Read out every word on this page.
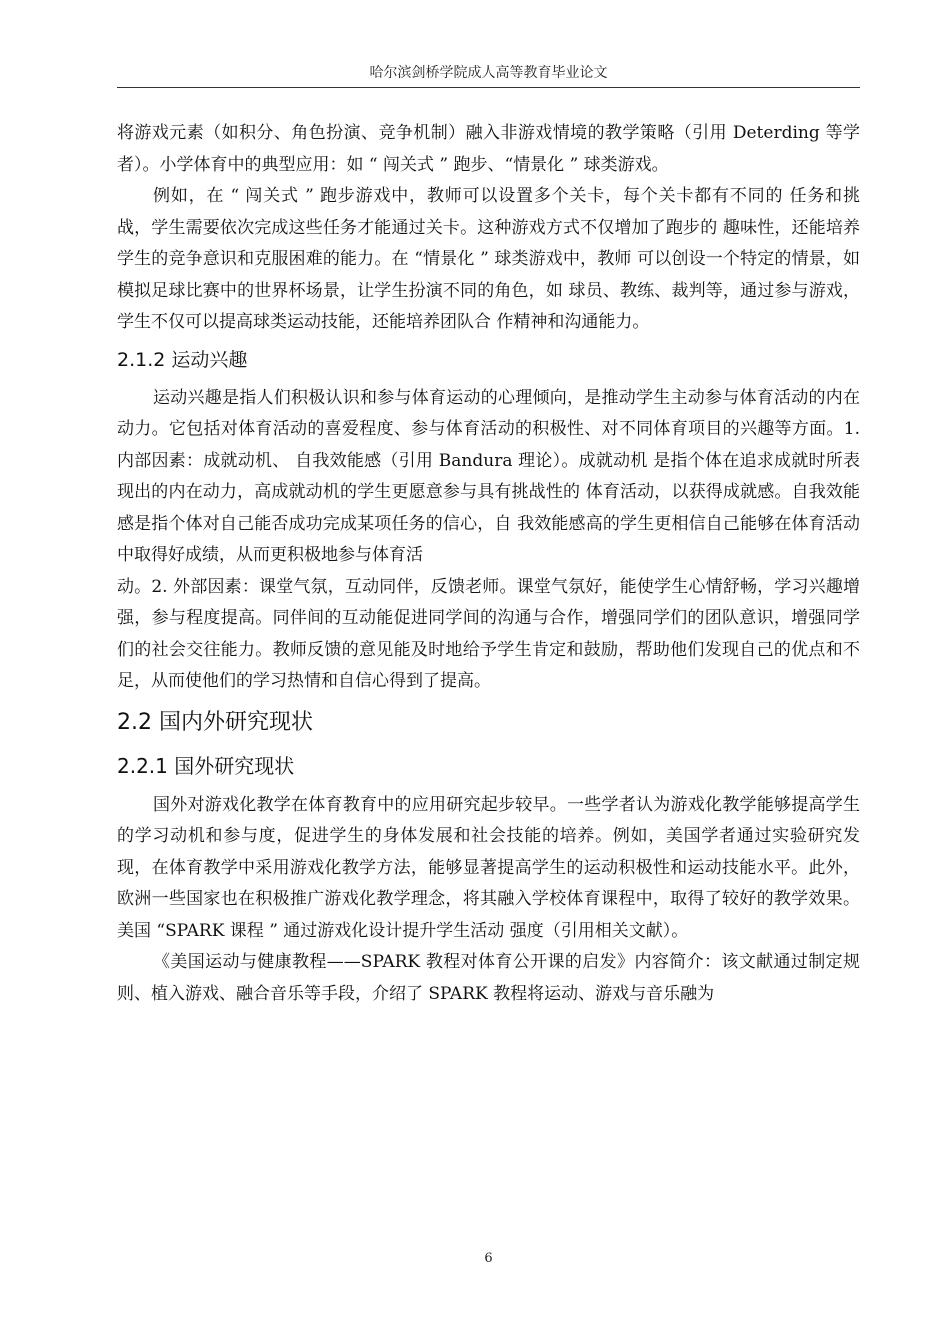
哈尔滨剑桥学院成人高等教育毕业论文

将游戏元素（如积分、角色扮演、竞争机制）融入非游戏情境的教学策略（引用 Deterding 等学者）。小学体育中的典型应用：如 “ 闯关式 ” 跑步、“情景化 ” 球类游戏。

例如，在 “ 闯关式 ” 跑步游戏中，教师可以设置多个关卡，每个关卡都有不同的 任务和挑战，学生需要依次完成这些任务才能通过关卡。这种游戏方式不仅增加了跑步的 趣味性，还能培养学生的竞争意识和克服困难的能力。在 “情景化 ” 球类游戏中，教师 可以创设一个特定的情景，如模拟足球比赛中的世界杯场景，让学生扮演不同的角色，如 球员、教练、裁判等，通过参与游戏，学生不仅可以提高球类运动技能，还能培养团队合 作精神和沟通能力。

2.1.2 运动兴趣

运动兴趣是指人们积极认识和参与体育运动的心理倾向，是推动学生主动参与体育活动的内在动力。它包括对体育活动的喜爱程度、参与体育活动的积极性、对不同体育项目的兴趣等方面。1. 内部因素：成就动机、 自我效能感（引用 Bandura 理论）。成就动机 是指个体在追求成就时所表现出的内在动力，高成就动机的学生更愿意参与具有挑战性的 体育活动，以获得成就感。自我效能感是指个体对自己能否成功完成某项任务的信心，自 我效能感高的学生更相信自己能够在体育活动中取得好成绩，从而更积极地参与体育活

动。2. 外部因素：课堂气氛，互动同伴，反馈老师。课堂气氛好，能使学生心情舒畅，学习兴趣增强，参与程度提高。同伴间的互动能促进同学间的沟通与合作，增强同学们的团队意识，增强同学们的社会交往能力。教师反馈的意见能及时地给予学生肯定和鼓励，帮助他们发现自己的优点和不足，从而使他们的学习热情和自信心得到了提高。

2.2 国内外研究现状
2.2.1 国外研究现状

国外对游戏化教学在体育教育中的应用研究起步较早。一些学者认为游戏化教学能够提高学生的学习动机和参与度，促进学生的身体发展和社会技能的培养。例如，美国学者通过实验研究发现，在体育教学中采用游戏化教学方法，能够显著提高学生的运动积极性和运动技能水平。此外，欧洲一些国家也在积极推广游戏化教学理念，将其融入学校体育课程中，取得了较好的教学效果。美国 “SPARK 课程 ” 通过游戏化设计提升学生活动 强度（引用相关文献）。

《美国运动与健康教程——SPARK 教程对体育公开课的启发》内容简介：该文献通过制定规则、植入游戏、融合音乐等手段，介绍了 SPARK 教程将运动、游戏与音乐融为

6
